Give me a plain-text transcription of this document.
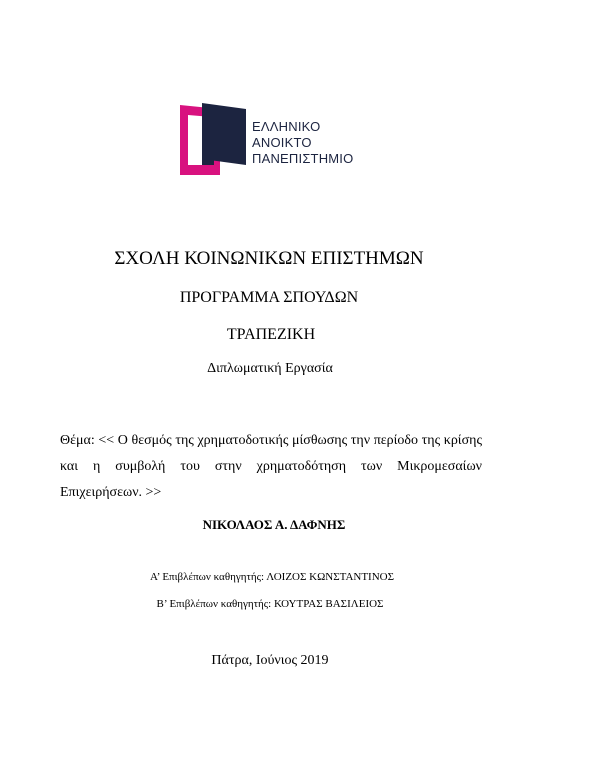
ΕΛΛΗΝΙΚΟ
ΑΝΟΙΚΤΟ
ΠΑΝΕΠΙΣΤΗΜΙΟ
ΣΧΟΛΗ ΚΟΙΝΩΝΙΚΩΝ ΕΠΙΣΤΗΜΩΝ
ΠΡΟΓΡΑΜΜΑ ΣΠΟΥΔΩΝ
ΤΡΑΠΕΖΙΚΗ
Διπλωματική Εργασία
Θέμα: << Ο θεσμός της χρηματοδοτικής μίσθωσης την περίοδο της κρίσης και η συμβολή του στην χρηματοδότηση των Μικρομεσαίων Επιχειρήσεων. >>
ΝΙΚΟΛΑΟΣ Α. ΔΑΦΝΗΣ
Α’ Επιβλέπων καθηγητής: ΛΟΙΖΟΣ ΚΩΝΣΤΑΝΤΙΝΟΣ
Β’ Επιβλέπων καθηγητής: ΚΟΥΤΡΑΣ ΒΑΣΙΛΕΙΟΣ
Πάτρα, Ιούνιος 2019
